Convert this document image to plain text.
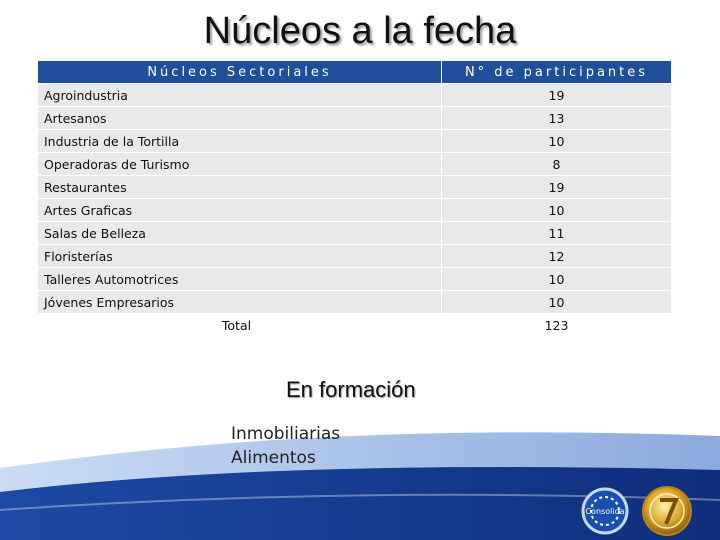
Consolida
Núcleos a la fecha
Núcleos Sectoriales	N° de participantes
Agroindustria	19
Artesanos	13
Industria de la Tortilla	10
Operadoras de Turismo	8
Restaurantes	19
Artes Graficas	10
Salas de Belleza	11
Floristerías	12
Talleres Automotrices	10
Jóvenes Empresarios	10
Total	123
En formación
Inmobiliarias
Alimentos
